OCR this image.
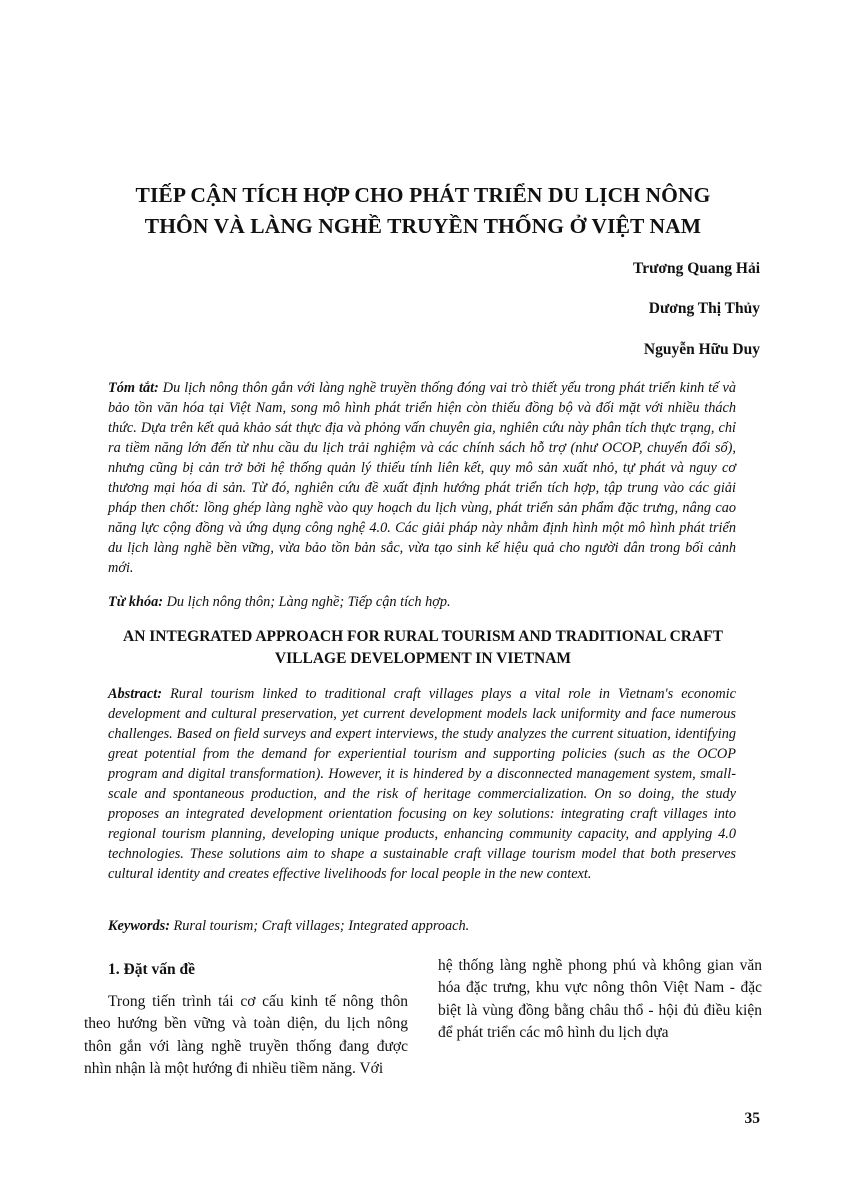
TIẾP CẬN TÍCH HỢP CHO PHÁT TRIỂN DU LỊCH NÔNG
THÔN VÀ LÀNG NGHỀ TRUYỀN THỐNG Ở VIỆT NAM
Trương Quang Hải
Dương Thị Thủy
Nguyễn Hữu Duy
Tóm tắt: Du lịch nông thôn gắn với làng nghề truyền thống đóng vai trò thiết yếu trong phát triển kinh tế và bảo tồn văn hóa tại Việt Nam, song mô hình phát triển hiện còn thiếu đồng bộ và đối mặt với nhiều thách thức. Dựa trên kết quả khảo sát thực địa và phỏng vấn chuyên gia, nghiên cứu này phân tích thực trạng, chỉ ra tiềm năng lớn đến từ nhu cầu du lịch trải nghiệm và các chính sách hỗ trợ (như OCOP, chuyển đổi số), nhưng cũng bị cản trở bởi hệ thống quản lý thiếu tính liên kết, quy mô sản xuất nhỏ, tự phát và nguy cơ thương mại hóa di sản. Từ đó, nghiên cứu đề xuất định hướng phát triển tích hợp, tập trung vào các giải pháp then chốt: lồng ghép làng nghề vào quy hoạch du lịch vùng, phát triển sản phẩm đặc trưng, nâng cao năng lực cộng đồng và ứng dụng công nghệ 4.0. Các giải pháp này nhằm định hình một mô hình phát triển du lịch làng nghề bền vững, vừa bảo tồn bản sắc, vừa tạo sinh kế hiệu quả cho người dân trong bối cảnh mới.
Từ khóa: Du lịch nông thôn; Làng nghề; Tiếp cận tích hợp.
AN INTEGRATED APPROACH FOR RURAL TOURISM AND TRADITIONAL CRAFT
VILLAGE DEVELOPMENT IN VIETNAM
Abstract: Rural tourism linked to traditional craft villages plays a vital role in Vietnam's economic development and cultural preservation, yet current development models lack uniformity and face numerous challenges. Based on field surveys and expert interviews, the study analyzes the current situation, identifying great potential from the demand for experiential tourism and supporting policies (such as the OCOP program and digital transformation). However, it is hindered by a disconnected management system, small-scale and spontaneous production, and the risk of heritage commercialization. On so doing, the study proposes an integrated development orientation focusing on key solutions: integrating craft villages into regional tourism planning, developing unique products, enhancing community capacity, and applying 4.0 technologies. These solutions aim to shape a sustainable craft village tourism model that both preserves cultural identity and creates effective livelihoods for local people in the new context.
Keywords: Rural tourism; Craft villages; Integrated approach.
1. Đặt vấn đề
Trong tiến trình tái cơ cấu kinh tế nông thôn theo hướng bền vững và toàn diện, du lịch nông thôn gắn với làng nghề truyền thống đang được nhìn nhận là một hướng đi nhiều tiềm năng. Với
hệ thống làng nghề phong phú và không gian văn hóa đặc trưng, khu vực nông thôn Việt Nam - đặc biệt là vùng đồng bằng châu thổ - hội đủ điều kiện để phát triển các mô hình du lịch dựa
35
